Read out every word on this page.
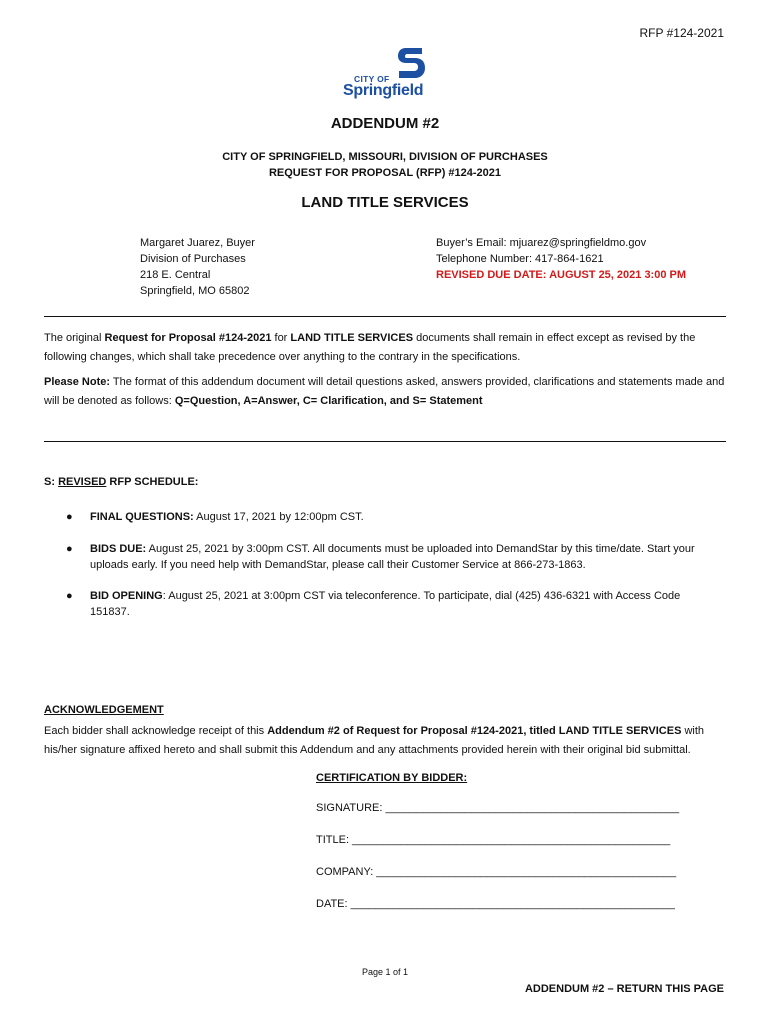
RFP #124-2021
CITY OF
Springfield
ADDENDUM #2
CITY OF SPRINGFIELD, MISSOURI, DIVISION OF PURCHASES
REQUEST FOR PROPOSAL (RFP) #124-2021
LAND TITLE SERVICES
Margaret Juarez, Buyer
Division of Purchases
218 E. Central
Springfield, MO 65802
Buyer’s Email: mjuarez@springfieldmo.gov
Telephone Number: 417-864-1621
REVISED DUE DATE: AUGUST 25, 2021 3:00 PM
The original Request for Proposal #124-2021 for LAND TITLE SERVICES documents shall remain in effect except as revised by the following changes, which shall take precedence over anything to the contrary in the specifications.
Please Note: The format of this addendum document will detail questions asked, answers provided, clarifications and statements made and will be denoted as follows: Q=Question, A=Answer, C= Clarification, and S= Statement
S: REVISED RFP SCHEDULE:
● FINAL QUESTIONS: August 17, 2021 by 12:00pm CST.
● BIDS DUE: August 25, 2021 by 3:00pm CST. All documents must be uploaded into DemandStar by this time/date. Start your uploads early. If you need help with DemandStar, please call their Customer Service at 866-273-1863.
● BID OPENING: August 25, 2021 at 3:00pm CST via teleconference. To participate, dial (425) 436-6321 with Access Code 151837.
ACKNOWLEDGEMENT
Each bidder shall acknowledge receipt of this Addendum #2 of Request for Proposal #124-2021, titled LAND TITLE SERVICES with his/her signature affixed hereto and shall submit this Addendum and any attachments provided herein with their original bid submittal.
CERTIFICATION BY BIDDER:
SIGNATURE: ________________________________________________
TITLE: ____________________________________________________
COMPANY: _________________________________________________
DATE: _____________________________________________________
Page 1 of 1
ADDENDUM #2 – RETURN THIS PAGE
